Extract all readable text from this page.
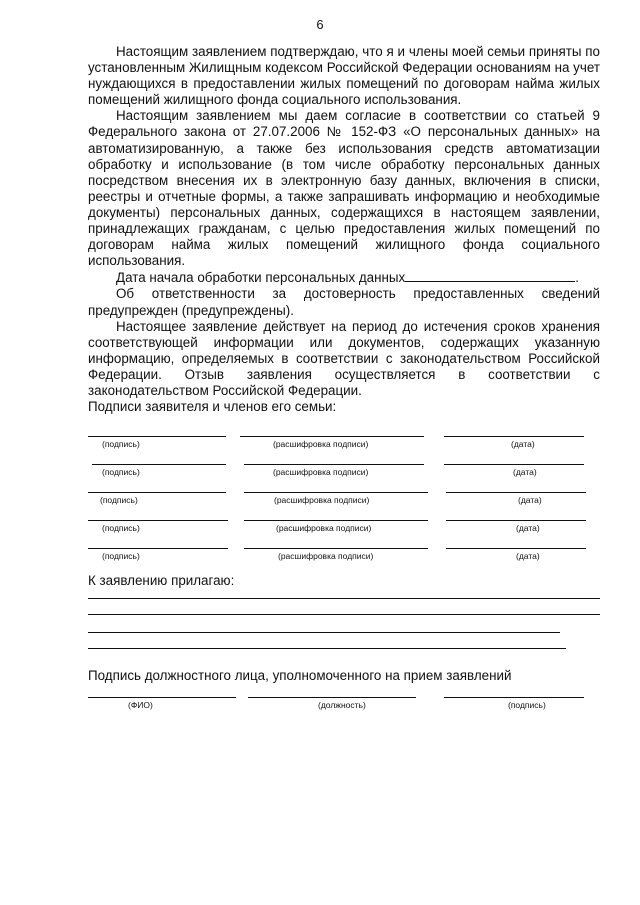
6

Настоящим заявлением подтверждаю, что я и члены моей семьи приняты по установленным Жилищным кодексом Российской Федерации основаниям на учет нуждающихся в предоставлении жилых помещений по договорам найма жилых помещений жилищного фонда социального использования.

Настоящим заявлением мы даем согласие в соответствии со статьей 9 Федерального закона от 27.07.2006 № 152-ФЗ «О персональных данных» на автоматизированную, а также без использования средств автоматизации обработку и использование (в том числе обработку персональных данных посредством внесения их в электронную базу данных, включения в списки, реестры и отчетные формы, а также запрашивать информацию и необходимые документы) персональных данных, содержащихся в настоящем заявлении, принадлежащих гражданам, с целью предоставления жилых помещений по договорам найма жилых помещений жилищного фонда социального использования.

Дата начала обработки персональных данных	.

Об ответственности за достоверность предоставленных сведений предупрежден (предупреждены).

Настоящее заявление действует на период до истечения сроков хранения соответствующей информации или документов, содержащих указанную информацию, определяемых в соответствии с законодательством Российской Федерации. Отзыв заявления осуществляется в соответствии с законодательством Российской Федерации.

Подписи заявителя и членов его семьи:

(подпись)	(расшифровка подписи)	(дата)
(подпись)	(расшифровка подписи)	(дата)
(подпись)	(расшифровка подписи)	(дата)
(подпись)	(расшифровка подписи)	(дата)
(подпись)	(расшифровка подписи)	(дата)
К заявлению прилагаю:
Подпись должностного лица, уполномоченного на прием заявлений
(ФИО)	(должность)	(подпись)
